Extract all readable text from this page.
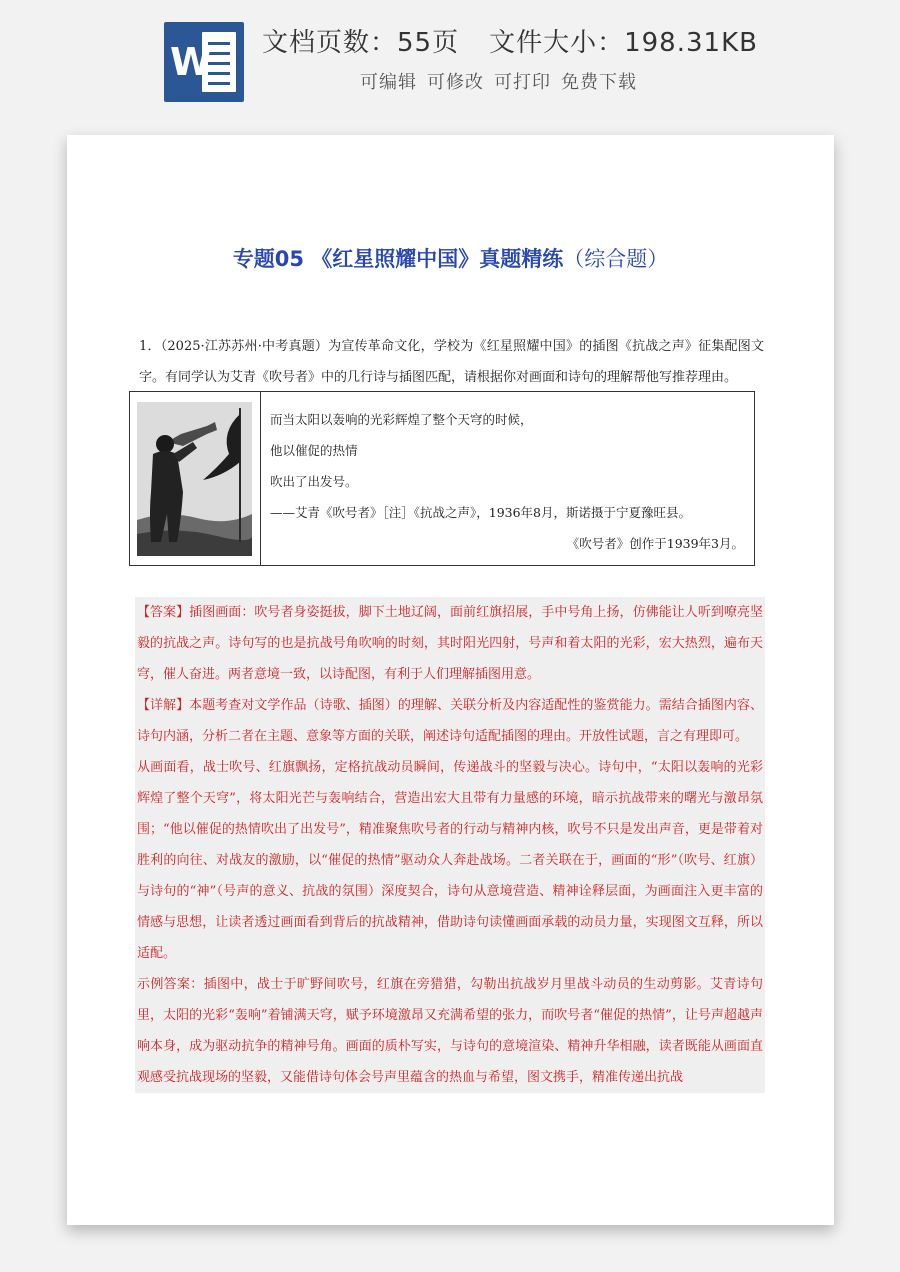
W 文档页数：55页 文件大小：198.31KB
可编辑 可修改 可打印 免费下载
专题05 《红星照耀中国》真题精练（综合题）
1．（2025·江苏苏州·中考真题）为宣传革命文化，学校为《红星照耀中国》的插图《抗战之声》征集配图文字。有同学认为艾青《吹号者》中的几行诗与插图匹配，请根据你对画面和诗句的理解帮他写推荐理由。
而当太阳以轰响的光彩辉煌了整个天穹的时候，
他以催促的热情
吹出了出发号。
——艾青《吹号者》［注］《抗战之声》，1936年8月，斯诺摄于宁夏豫旺县。
《吹号者》创作于1939年3月。

【答案】插图画面：吹号者身姿挺拔，脚下土地辽阔，面前红旗招展，手中号角上扬，仿佛能让人听到嘹亮坚毅的抗战之声。诗句写的也是抗战号角吹响的时刻，其时阳光四射，号声和着太阳的光彩，宏大热烈，遍布天穹，催人奋进。两者意境一致，以诗配图，有利于人们理解插图用意。

【详解】本题考查对文学作品（诗歌、插图）的理解、关联分析及内容适配性的鉴赏能力。需结合插图内容、诗句内涵，分析二者在主题、意象等方面的关联，阐述诗句适配插图的理由。开放性试题，言之有理即可。

从画面看，战士吹号、红旗飘扬，定格抗战动员瞬间，传递战斗的坚毅与决心。诗句中，“太阳以轰响的光彩辉煌了整个天穹”，将太阳光芒与轰响结合，营造出宏大且带有力量感的环境，暗示抗战带来的曙光与激昂氛围；“他以催促的热情吹出了出发号”，精准聚焦吹号者的行动与精神内核，吹号不只是发出声音，更是带着对胜利的向往、对战友的激励，以“催促的热情”驱动众人奔赴战场。二者关联在于，画面的“形”（吹号、红旗）与诗句的“神”（号声的意义、抗战的氛围）深度契合，诗句从意境营造、精神诠释层面，为画面注入更丰富的情感与思想，让读者透过画面看到背后的抗战精神，借助诗句读懂画面承载的动员力量，实现图文互释，所以适配。

示例答案：插图中，战士于旷野间吹号，红旗在旁猎猎，勾勒出抗战岁月里战斗动员的生动剪影。艾青诗句里，太阳的光彩“轰响”着铺满天穹，赋予环境激昂又充满希望的张力，而吹号者“催促的热情”，让号声超越声响本身，成为驱动抗争的精神号角。画面的质朴写实，与诗句的意境渲染、精神升华相融，读者既能从画面直观感受抗战现场的坚毅，又能借诗句体会号声里蕴含的热血与希望，图文携手，精准传递出抗战
